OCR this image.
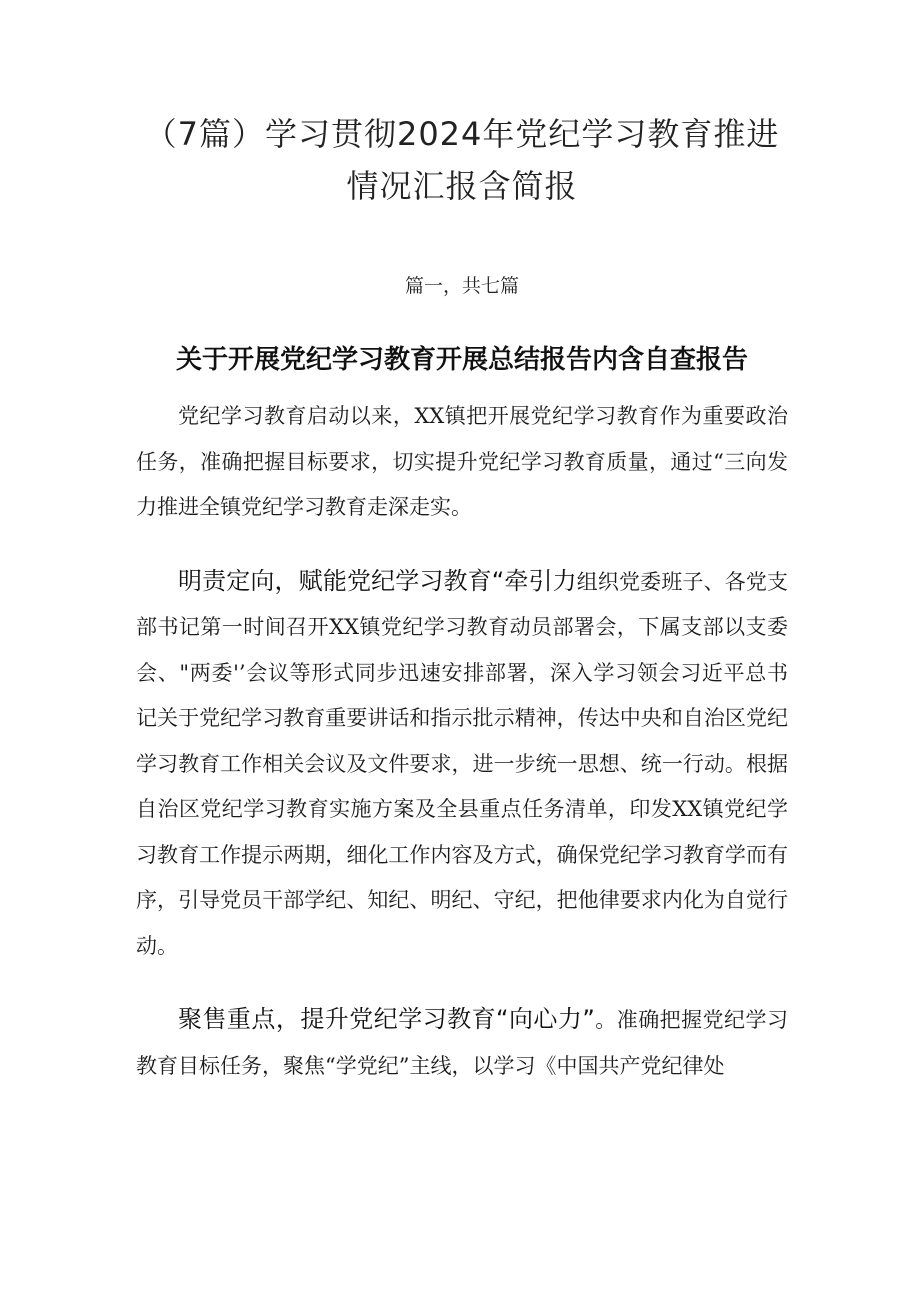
（7篇）学习贯彻2024年党纪学习教育推进情况汇报含简报
篇一，共七篇
关于开展党纪学习教育开展总结报告内含自查报告

党纪学习教育启动以来，XX镇把开展党纪学习教育作为重要政治任务，准确把握目标要求，切实提升党纪学习教育质量，通过“三向发力推进全镇党纪学习教育走深走实。

明责定向，赋能党纪学习教育“牵引力组织党委班子、各党支部书记第一时间召开XX镇党纪学习教育动员部署会，下属支部以支委会、"两委'’会议等形式同步迅速安排部署，深入学习领会习近平总书记关于党纪学习教育重要讲话和指示批示精神，传达中央和自治区党纪学习教育工作相关会议及文件要求，进一步统一思想、统一行动。根据自治区党纪学习教育实施方案及全县重点任务清单，印发XX镇党纪学习教育工作提示两期，细化工作内容及方式，确保党纪学习教育学而有序，引导党员干部学纪、知纪、明纪、守纪，把他律要求内化为自觉行动。

聚售重点，提升党纪学习教育“向心力”。准确把握党纪学习教育目标任务，聚焦“学党纪”主线，以学习《中国共产党纪律处
